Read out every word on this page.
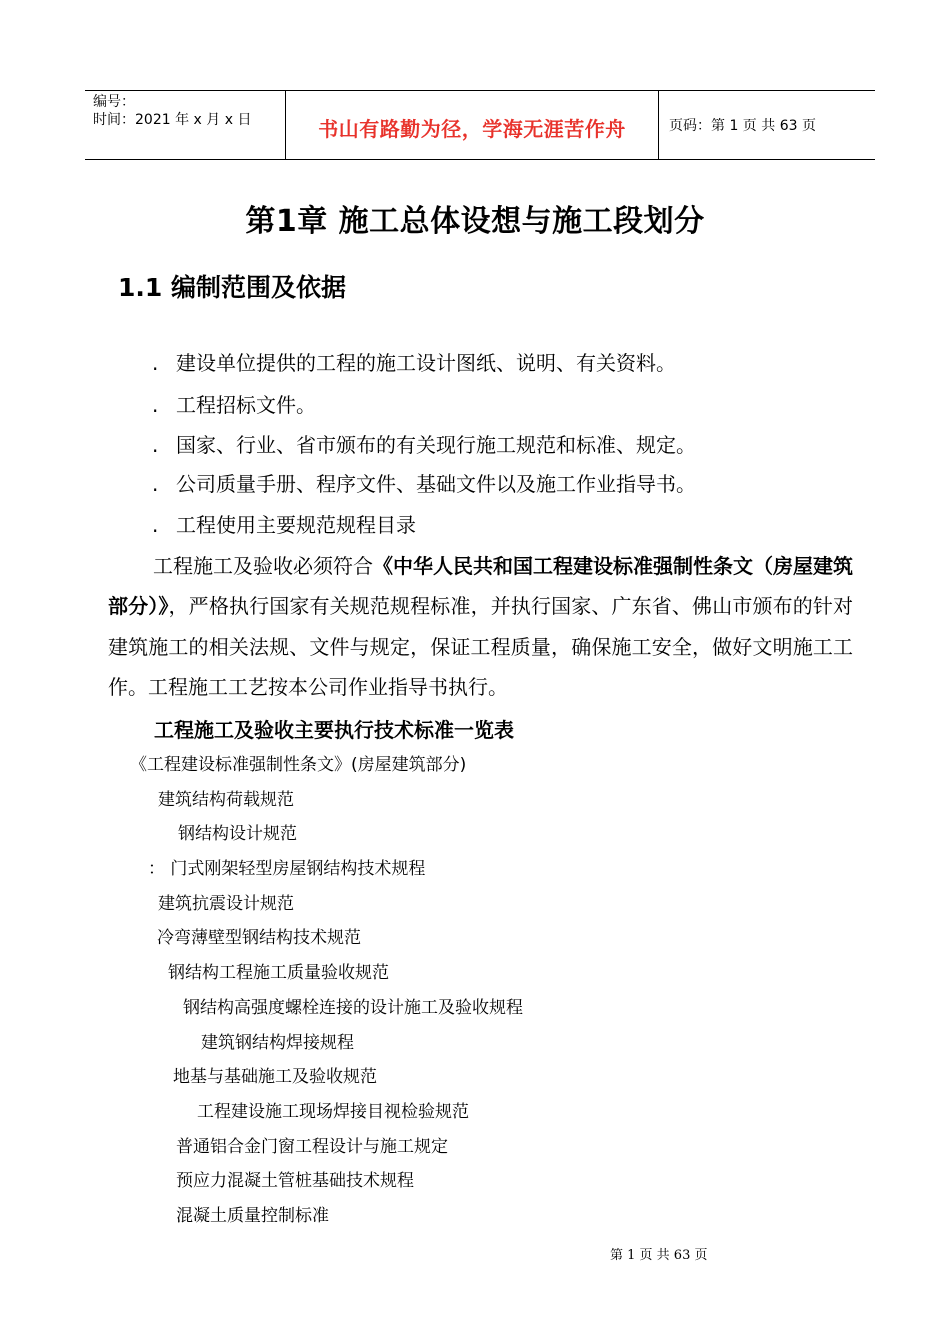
编号：
时间：2021 年 x 月 x 日	书山有路勤为径，学海无涯苦作舟	页码：第 1 页 共 63 页
第1章 施工总体设想与施工段划分
1.1 编制范围及依据
. 建设单位提供的工程的施工设计图纸、说明、有关资料。
. 工程招标文件。
. 国家、行业、省市颁布的有关现行施工规范和标准、规定。
. 公司质量手册、程序文件、基础文件以及施工作业指导书。
. 工程使用主要规范规程目录
工程施工及验收必须符合《中华人民共和国工程建设标准强制性条文（房屋建筑部分）》，严格执行国家有关规范规程标准，并执行国家、广东省、佛山市颁布的针对建筑施工的相关法规、文件与规定，保证工程质量，确保施工安全，做好文明施工工作。工程施工工艺按本公司作业指导书执行。
工程施工及验收主要执行技术标准一览表
《工程建设标准强制性条文》(房屋建筑部分)
建筑结构荷载规范
钢结构设计规范
： 门式刚架轻型房屋钢结构技术规程
建筑抗震设计规范
冷弯薄壁型钢结构技术规范
钢结构工程施工质量验收规范
钢结构高强度螺栓连接的设计施工及验收规程
建筑钢结构焊接规程
地基与基础施工及验收规范
工程建设施工现场焊接目视检验规范
普通铝合金门窗工程设计与施工规定
预应力混凝土管桩基础技术规程
混凝土质量控制标准
第 1 页 共 63 页
